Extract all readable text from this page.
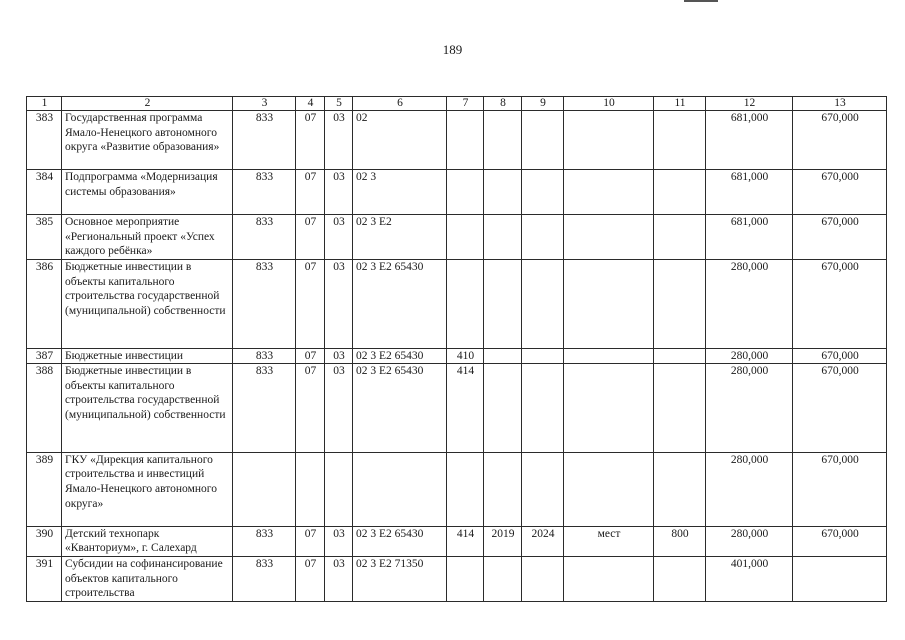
189
1	2	3	4	5	6	7	8	9	10	11	12	13
383	Государственная программа Ямало-Ненецкого автономного округа «Развитие образования»	833	07	03	02						681,000	670,000
384	Подпрограмма «Модернизация системы образования»	833	07	03	02 3						681,000	670,000
385	Основное мероприятие «Региональный проект «Успех каждого ребёнка»	833	07	03	02 3 Е2						681,000	670,000
386	Бюджетные инвестиции в объекты капитального строительства государственной (муниципальной) собственности	833	07	03	02 3 Е2 65430						280,000	670,000
387	Бюджетные инвестиции	833	07	03	02 3 Е2 65430	410					280,000	670,000
388	Бюджетные инвестиции в объекты капитального строительства государственной (муниципальной) собственности	833	07	03	02 3 Е2 65430	414					280,000	670,000
389	ГКУ «Дирекция капитального строительства и инвестиций Ямало-Ненецкого автономного округа»										280,000	670,000
390	Детский технопарк «Кванториум», г. Салехард	833	07	03	02 3 Е2 65430	414	2019	2024	мест	800	280,000	670,000
391	Субсидии на софинансирование объектов капитального строительства	833	07	03	02 3 Е2 71350						401,000	
